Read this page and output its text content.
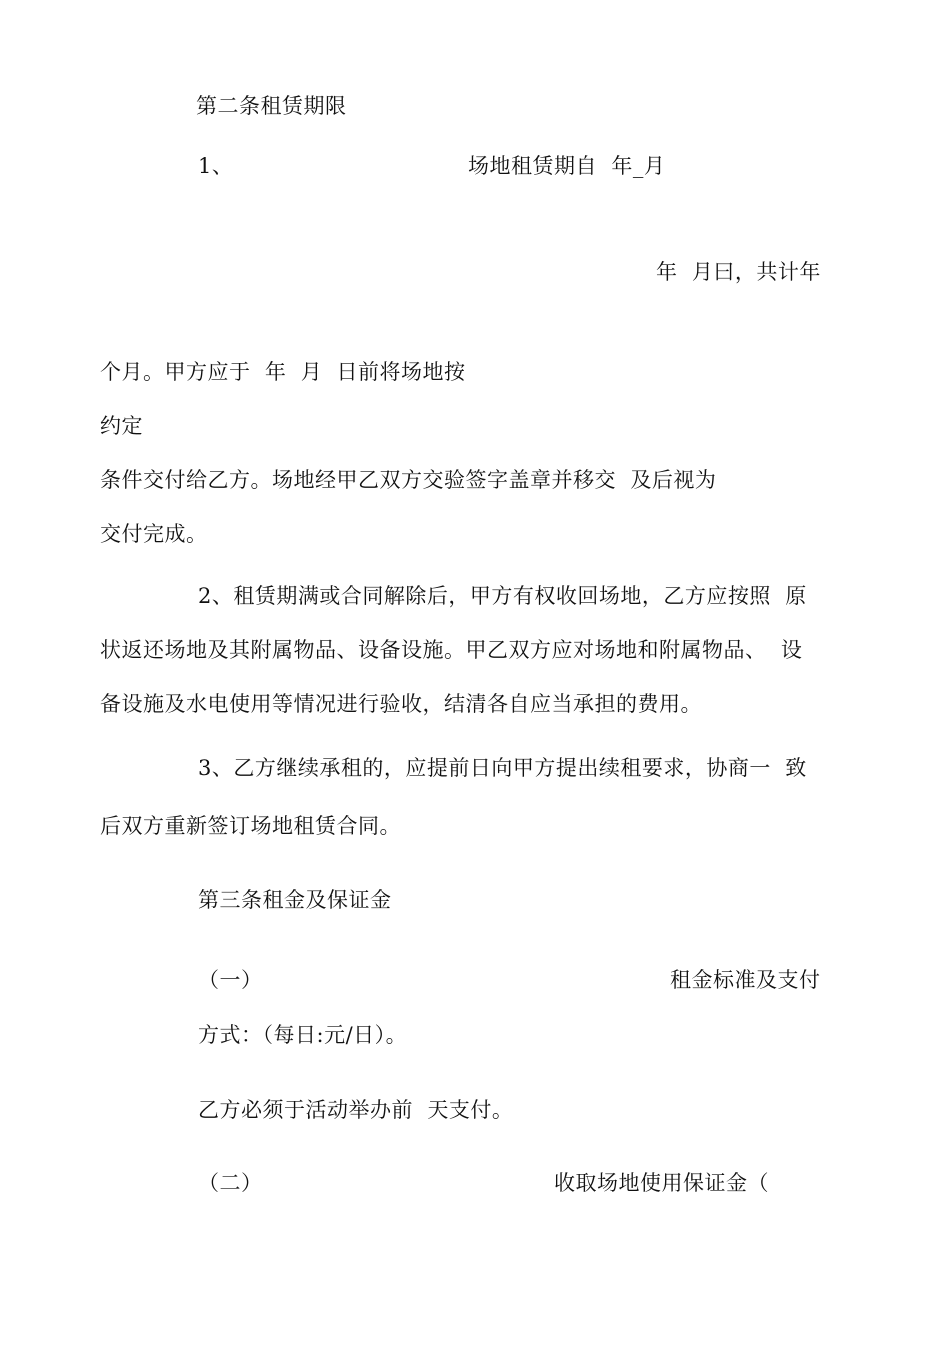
第二条租赁期限
1、	场地租赁期自  年_月
年  月曰，共计年
个月。甲方应于  年  月  日前将场地按
约定
条件交付给乙方。场地经甲乙双方交验签字盖章并移交  及后视为
交付完成。
2、租赁期满或合同解除后，甲方有权收回场地，乙方应按照  原
状返还场地及其附属物品、设备设施。甲乙双方应对场地和附属物品、  设
备设施及水电使用等情况进行验收，结清各自应当承担的费用。
3、乙方继续承租的，应提前日向甲方提出续租要求，协商一  致
后双方重新签订场地租赁合同。
第三条租金及保证金
（一）	租金标准及支付
方式：（每日:元/日）。
乙方必须于活动举办前  天支付。
（二）	收取场地使用保证金（
